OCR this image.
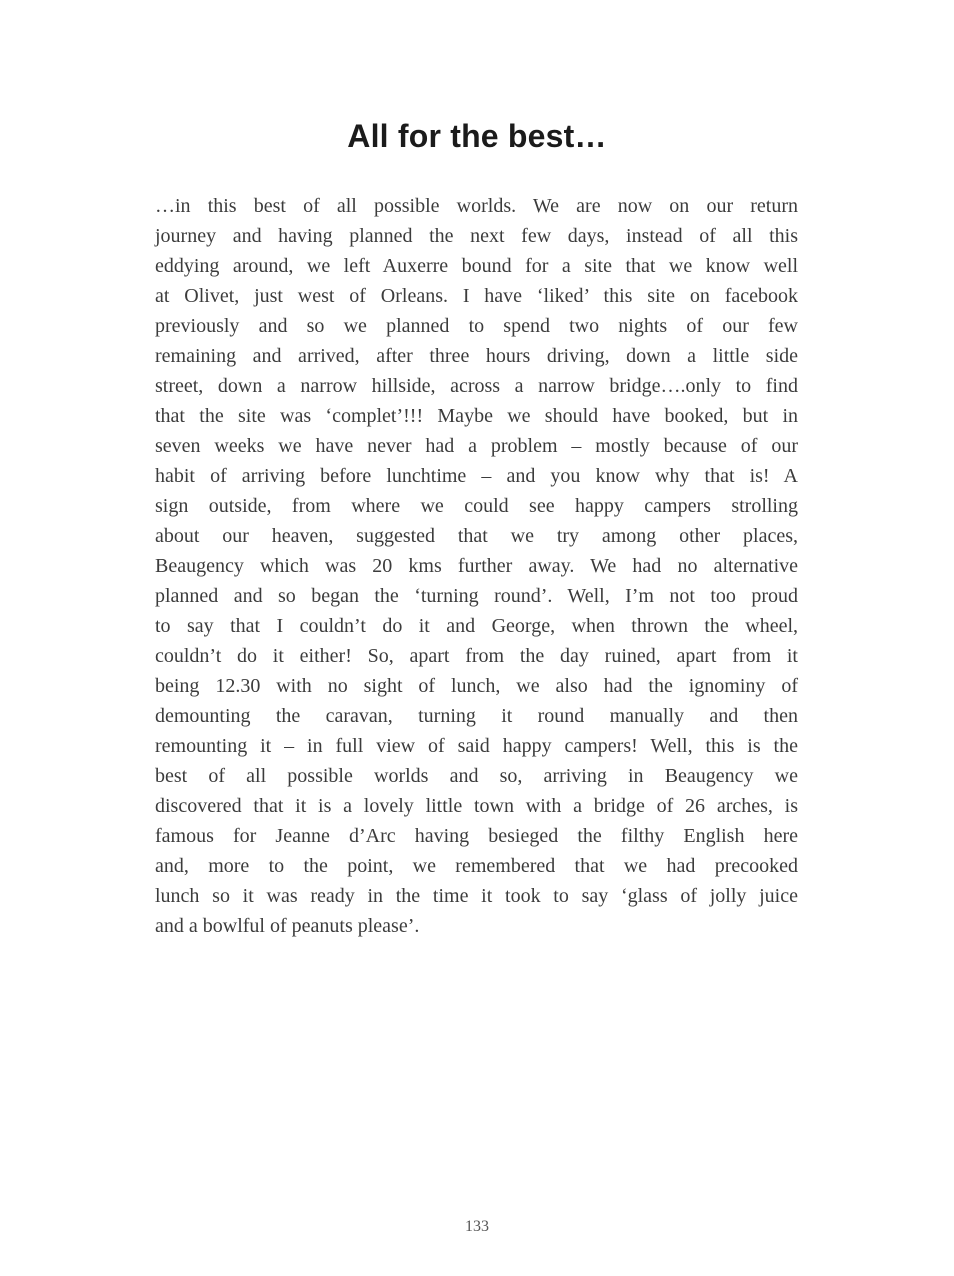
All for the best…
…in this best of all possible worlds. We are now on our return
journey and having planned the next few days, instead of all this
eddying around, we left Auxerre bound for a site that we know well
at Olivet, just west of Orleans. I have ‘liked’ this site on facebook
previously and so we planned to spend two nights of our few
remaining and arrived, after three hours driving, down a little side
street, down a narrow hillside, across a narrow bridge….only to find
that the site was ‘complet’!!! Maybe we should have booked, but in
seven weeks we have never had a problem – mostly because of our
habit of arriving before lunchtime – and you know why that is! A
sign outside, from where we could see happy campers strolling
about our heaven, suggested that we try among other places,
Beaugency which was 20 kms further away. We had no alternative
planned and so began the ‘turning round’. Well, I’m not too proud
to say that I couldn’t do it and George, when thrown the wheel,
couldn’t do it either! So, apart from the day ruined, apart from it
being 12.30 with no sight of lunch, we also had the ignominy of
demounting the caravan, turning it round manually and then
remounting it – in full view of said happy campers! Well, this is the
best of all possible worlds and so, arriving in Beaugency we
discovered that it is a lovely little town with a bridge of 26 arches, is
famous for Jeanne d’Arc having besieged the filthy English here
and, more to the point, we remembered that we had precooked
lunch so it was ready in the time it took to say ‘glass of jolly juice
and a bowlful of peanuts please’.
133
